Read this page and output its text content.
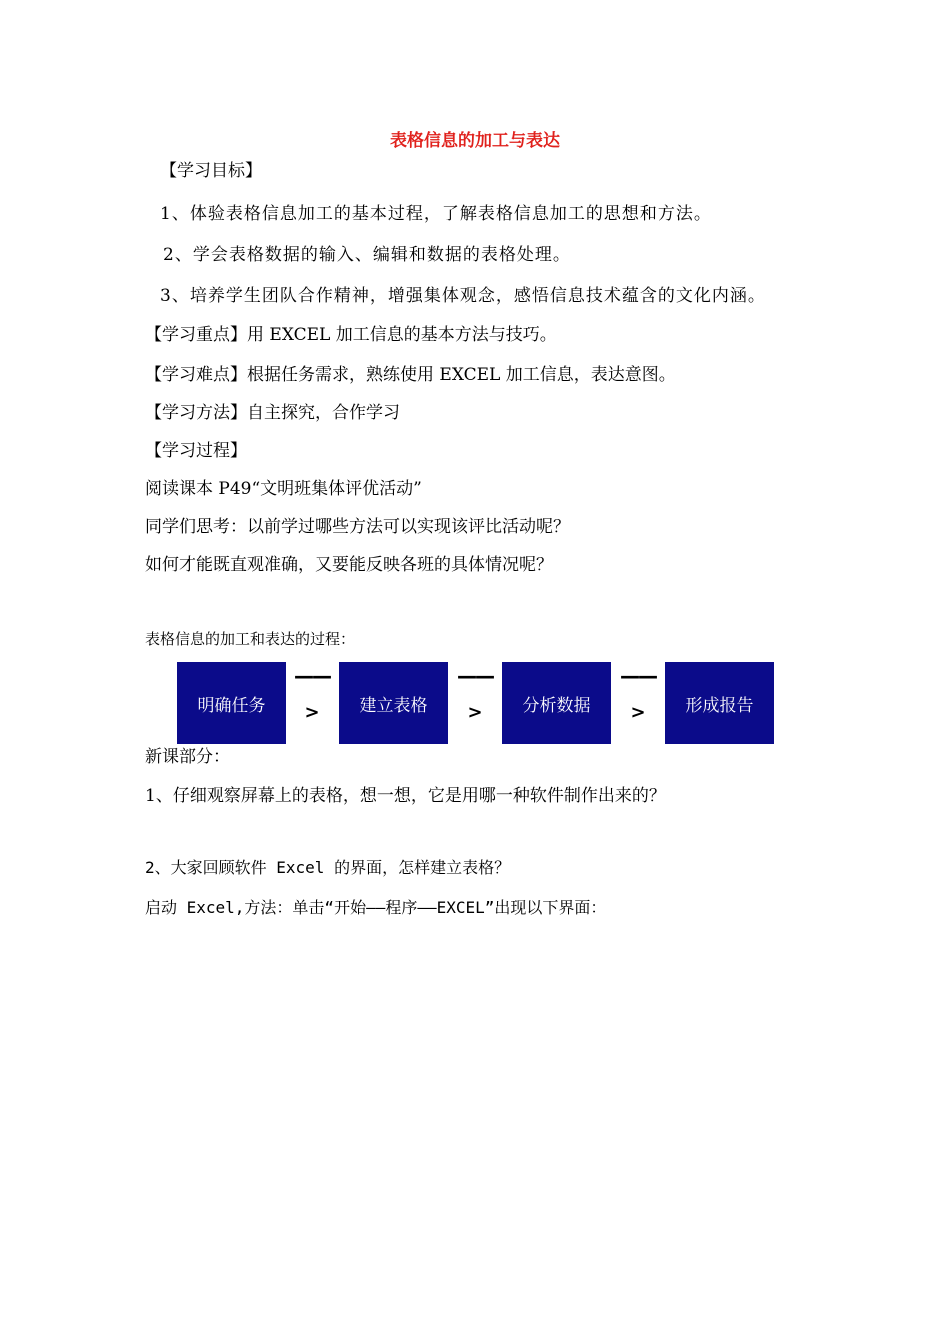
表格信息的加工与表达
【学习目标】
1、体验表格信息加工的基本过程，了解表格信息加工的思想和方法。
2、学会表格数据的输入、编辑和数据的表格处理。
3、培养学生团队合作精神，增强集体观念，感悟信息技术蕴含的文化内涵。
【学习重点】用 EXCEL 加工信息的基本方法与技巧。
【学习难点】根据任务需求，熟练使用 EXCEL 加工信息，表达意图。
【学习方法】自主探究，合作学习
【学习过程】
阅读课本 P49“文明班集体评优活动”
同学们思考：以前学过哪些方法可以实现该评比活动呢？
如何才能既直观准确，又要能反映各班的具体情况呢？
表格信息的加工和表达的过程：
明确任务
——
>	建立表格
——
>	分析数据
——
>	形成报告
新课部分：
1、仔细观察屏幕上的表格，想一想，它是用哪一种软件制作出来的？
2、大家回顾软件 Excel 的界面，怎样建立表格？
启动 Excel,方法：单击“开始——程序——EXCEL”出现以下界面：
